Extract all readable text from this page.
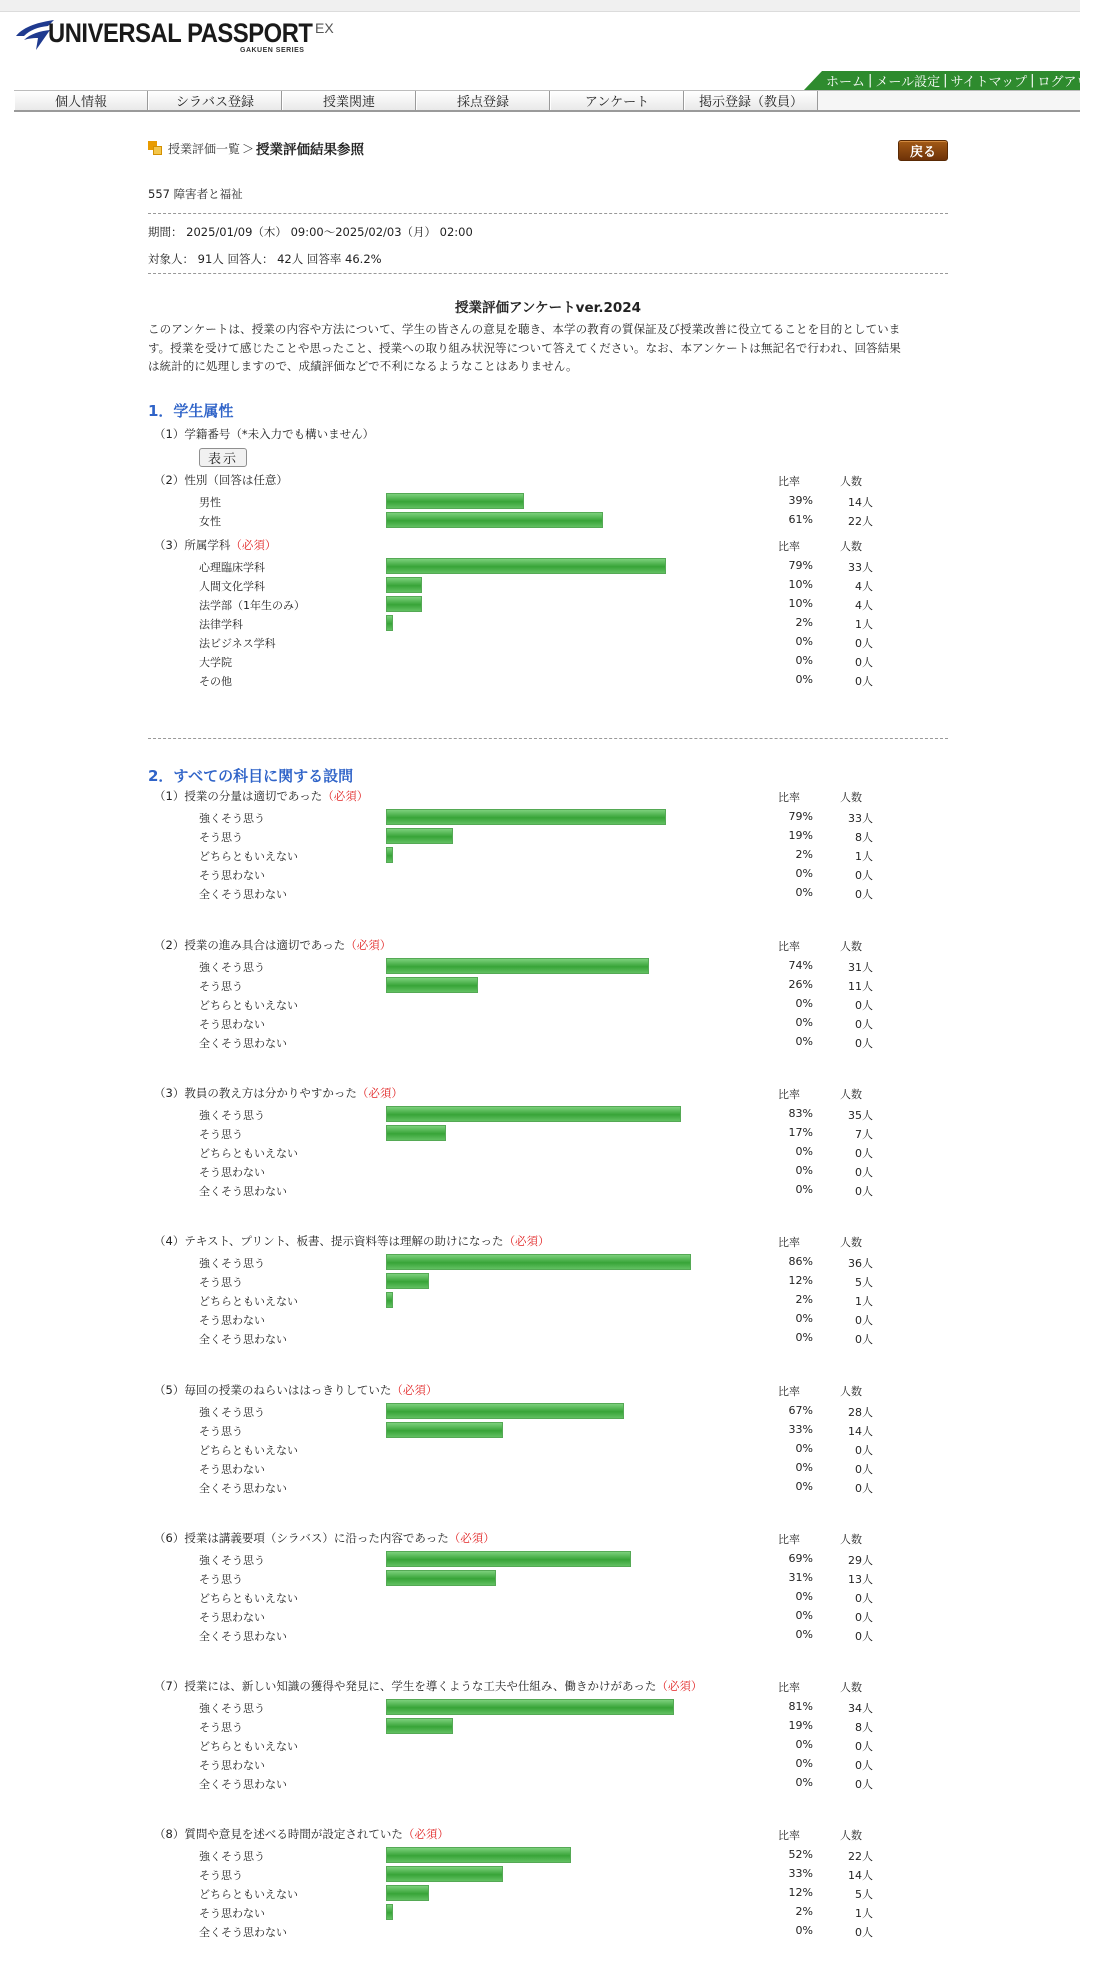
UNIVERSAL PASSPORT EX
GAKUEN SERIES
ホーム | メール設定 | サイトマップ | ログアウト
個人情報	シラバス登録	授業関連	採点登録	アンケート	掲示登録（教員）
授業評価一覧 ＞ 授業評価結果参照	戻る
557 障害者と福祉
期間： 2025/01/09（木） 09:00〜2025/02/03（月） 02:00
対象人： 91人 回答人： 42人 回答率 46.2%
授業評価アンケートver.2024
このアンケートは、授業の内容や方法について、学生の皆さんの意見を聴き、本学の教育の質保証及び授業改善に役立てることを目的としていま
す。授業を受けて感じたことや思ったこと、授業への取り組み状況等について答えてください。なお、本アンケートは無記名で行われ、回答結果
は統計的に処理しますので、成績評価などで不利になるようなことはありません。
1．学生属性
（1）学籍番号（*未入力でも構いません）
表示
（2）性別（回答は任意）	比率	人数
男性	39%	14人
女性	61%	22人
（3）所属学科（必須）	比率	人数
心理臨床学科	79%	33人
人間文化学科	10%	4人
法学部（1年生のみ）	10%	4人
法律学科	2%	1人
法ビジネス学科	0%	0人
大学院	0%	0人
その他	0%	0人
2．すべての科目に関する設問
（1）授業の分量は適切であった（必須）	比率	人数
強くそう思う	79%	33人
そう思う	19%	8人
どちらともいえない	2%	1人
そう思わない	0%	0人
全くそう思わない	0%	0人
（2）授業の進み具合は適切であった（必須）	比率	人数
強くそう思う	74%	31人
そう思う	26%	11人
どちらともいえない	0%	0人
そう思わない	0%	0人
全くそう思わない	0%	0人
（3）教員の教え方は分かりやすかった（必須）	比率	人数
強くそう思う	83%	35人
そう思う	17%	7人
どちらともいえない	0%	0人
そう思わない	0%	0人
全くそう思わない	0%	0人
（4）テキスト、プリント、板書、提示資料等は理解の助けになった（必須）	比率	人数
強くそう思う	86%	36人
そう思う	12%	5人
どちらともいえない	2%	1人
そう思わない	0%	0人
全くそう思わない	0%	0人
（5）毎回の授業のねらいははっきりしていた（必須）	比率	人数
強くそう思う	67%	28人
そう思う	33%	14人
どちらともいえない	0%	0人
そう思わない	0%	0人
全くそう思わない	0%	0人
（6）授業は講義要項（シラバス）に沿った内容であった（必須）	比率	人数
強くそう思う	69%	29人
そう思う	31%	13人
どちらともいえない	0%	0人
そう思わない	0%	0人
全くそう思わない	0%	0人
（7）授業には、新しい知識の獲得や発見に、学生を導くような工夫や仕組み、働きかけがあった（必須）	比率	人数
強くそう思う	81%	34人
そう思う	19%	8人
どちらともいえない	0%	0人
そう思わない	0%	0人
全くそう思わない	0%	0人
（8）質問や意見を述べる時間が設定されていた（必須）	比率	人数
強くそう思う	52%	22人
そう思う	33%	14人
どちらともいえない	12%	5人
そう思わない	2%	1人
全くそう思わない	0%	0人
